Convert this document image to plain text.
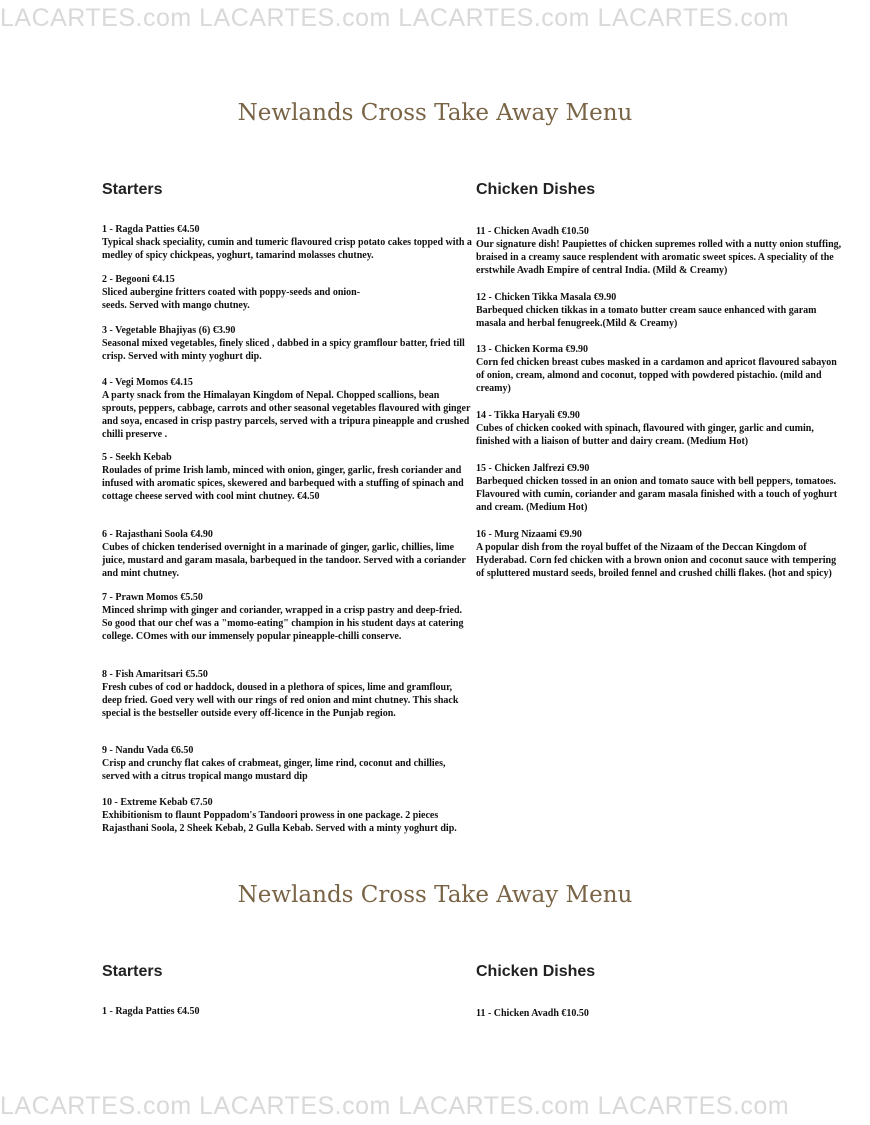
LACARTES.com LACARTES.com LACARTES.com LACARTES.com
Newlands Cross Take Away Menu
Starters	Chicken Dishes
1 - Ragda Patties €4.50
Typical shack speciality, cumin and tumeric flavoured crisp potato cakes topped with a medley of spicy chickpeas, yoghurt, tamarind molasses chutney.
2 - Begooni €4.15
Sliced aubergine fritters coated with poppy-seeds and onion-seeds. Served with mango chutney.
3 - Vegetable Bhajiyas (6) €3.90
Seasonal mixed vegetables, finely sliced , dabbed in a spicy gramflour batter, fried till crisp. Served with minty yoghurt dip.
4 - Vegi Momos €4.15
A party snack from the Himalayan Kingdom of Nepal. Chopped scallions, bean sprouts, peppers, cabbage, carrots and other seasonal vegetables flavoured with ginger and soya, encased in crisp pastry parcels, served with a tripura pineapple and crushed chilli preserve .
5 - Seekh Kebab
Roulades of prime Irish lamb, minced with onion, ginger, garlic, fresh coriander and infused with aromatic spices, skewered and barbequed with a stuffing of spinach and cottage cheese served with cool mint chutney. €4.50
6 - Rajasthani Soola €4.90
Cubes of chicken tenderised overnight in a marinade of ginger, garlic, chillies, lime juice, mustard and garam masala, barbequed in the tandoor. Served with a coriander and mint chutney.
7 - Prawn Momos €5.50
Minced shrimp with ginger and coriander, wrapped in a crisp pastry and deep-fried. So good that our chef was a "momo-eating" champion in his student days at catering college. COmes with our immensely popular pineapple-chilli conserve.
8 - Fish Amaritsari €5.50
Fresh cubes of cod or haddock, doused in a plethora of spices, lime and gramflour, deep fried. Goed very well with our rings of red onion and mint chutney. This shack special is the bestseller outside every off-licence in the Punjab region.
9 - Nandu Vada €6.50
Crisp and crunchy flat cakes of crabmeat, ginger, lime rind, coconut and chillies, served with a citrus tropical mango mustard dip
10 - Extreme Kebab €7.50
Exhibitionism to flaunt Poppadom's Tandoori prowess in one package. 2 pieces Rajasthani Soola, 2 Sheek Kebab, 2 Gulla Kebab. Served with a minty yoghurt dip.
11 - Chicken Avadh €10.50
Our signature dish! Paupiettes of chicken supremes rolled with a nutty onion stuffing, braised in a creamy sauce resplendent with aromatic sweet spices. A speciality of the erstwhile Avadh Empire of central India. (Mild & Creamy)
12 - Chicken Tikka Masala €9.90
Barbequed chicken tikkas in a tomato butter cream sauce enhanced with garam masala and herbal fenugreek.(Mild & Creamy)
13 - Chicken Korma €9.90
Corn fed chicken breast cubes masked in a cardamon and apricot flavoured sabayon of onion, cream, almond and coconut, topped with powdered pistachio. (mild and creamy)
14 - Tikka Haryali €9.90
Cubes of chicken cooked with spinach, flavoured with ginger, garlic and cumin, finished with a liaison of butter and dairy cream. (Medium Hot)
15 - Chicken Jalfrezi €9.90
Barbequed chicken tossed in an onion and tomato sauce with bell peppers, tomatoes. Flavoured with cumin, coriander and garam masala finished with a touch of yoghurt and cream. (Medium Hot)
16 - Murg Nizaami €9.90
A popular dish from the royal buffet of the Nizaam of the Deccan Kingdom of Hyderabad. Corn fed chicken with a brown onion and coconut sauce with tempering of spluttered mustard seeds, broiled fennel and crushed chilli flakes. (hot and spicy)
Newlands Cross Take Away Menu
Starters	Chicken Dishes
1 - Ragda Patties €4.50	11 - Chicken Avadh €10.50
LACARTES.com LACARTES.com LACARTES.com LACARTES.com
